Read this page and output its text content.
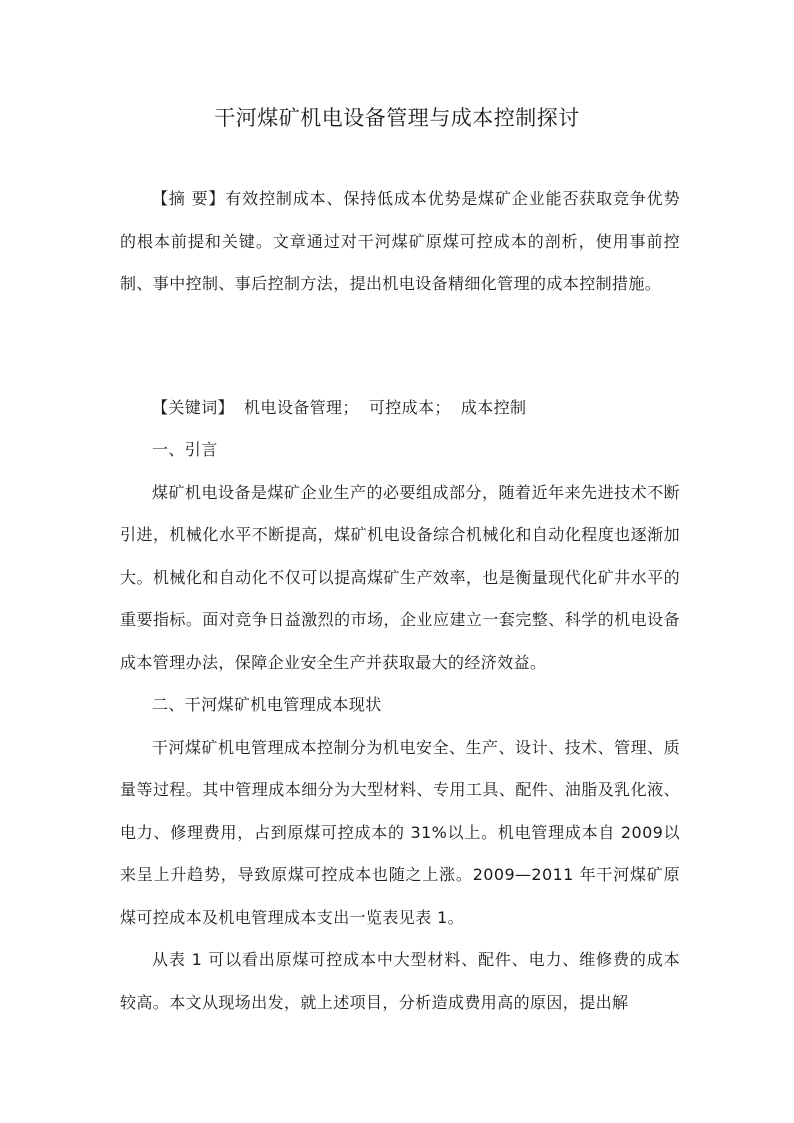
干河煤矿机电设备管理与成本控制探讨

【摘 要】有效控制成本、保持低成本优势是煤矿企业能否获取竞争优势的根本前提和关键。文章通过对干河煤矿原煤可控成本的剖析，使用事前控制、事中控制、事后控制方法，提出机电设备精细化管理的成本控制措施。

【关键词】 机电设备管理； 可控成本； 成本控制

一、引言

煤矿机电设备是煤矿企业生产的必要组成部分，随着近年来先进技术不断引进，机械化水平不断提高，煤矿机电设备综合机械化和自动化程度也逐渐加大。机械化和自动化不仅可以提高煤矿生产效率，也是衡量现代化矿井水平的重要指标。面对竞争日益激烈的市场，企业应建立一套完整、科学的机电设备成本管理办法，保障企业安全生产并获取最大的经济效益。

二、干河煤矿机电管理成本现状

干河煤矿机电管理成本控制分为机电安全、生产、设计、技术、管理、质量等过程。其中管理成本细分为大型材料、专用工具、配件、油脂及乳化液、电力、修理费用，占到原煤可控成本的 31%以上。机电管理成本自 2009以来呈上升趋势，导致原煤可控成本也随之上涨。2009—2011 年干河煤矿原煤可控成本及机电管理成本支出一览表见表 1。

从表 1 可以看出原煤可控成本中大型材料、配件、电力、维修费的成本较高。本文从现场出发，就上述项目，分析造成费用高的原因，提出解
